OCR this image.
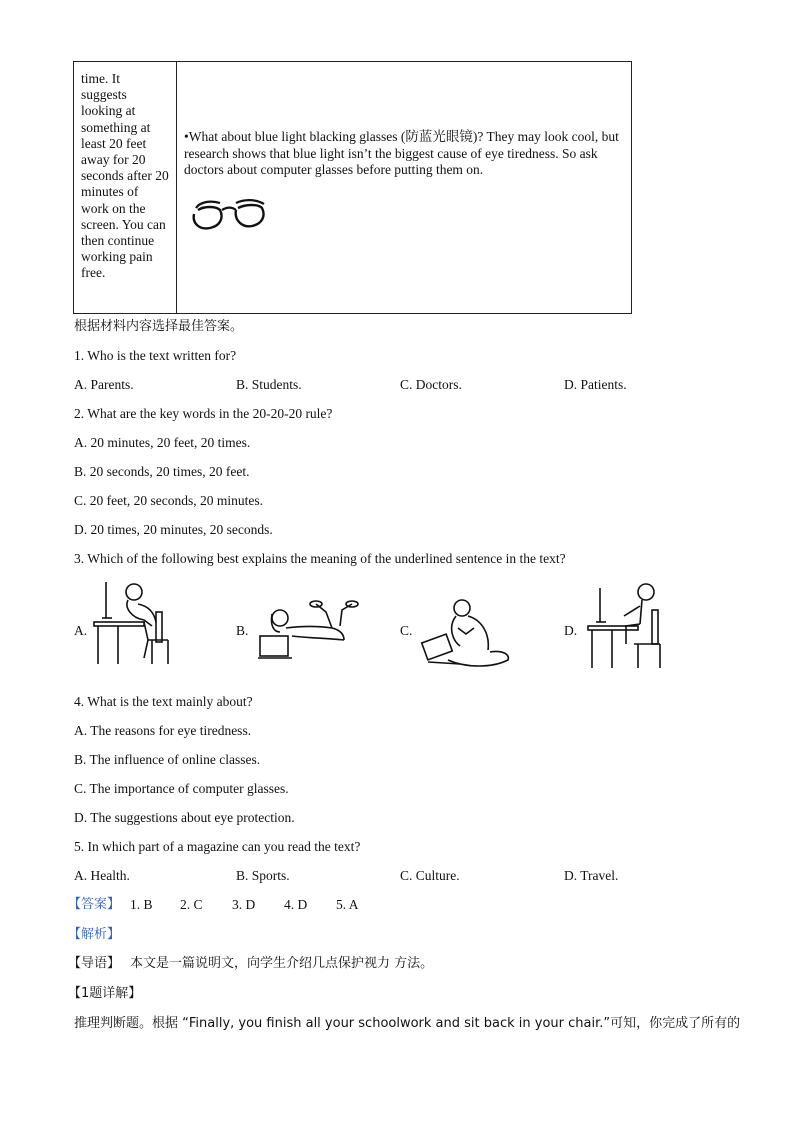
time. It suggests looking at something at least 20 feet away for 20 seconds after 20 minutes of work on the screen. You can then continue working pain free.
•What about blue light blacking glasses (防蓝光眼镜)? They may look cool, but research shows that blue light isn’t the biggest cause of eye tiredness. So ask doctors about computer glasses before putting them on.
根据材料内容选择最佳答案。
1. Who is the text written for?
A. Parents.	B. Students.	C. Doctors.	D. Patients.
2. What are the key words in the 20-20-20 rule?
A. 20 minutes, 20 feet, 20 times.
B. 20 seconds, 20 times, 20 feet.
C. 20 feet, 20 seconds, 20 minutes.
D. 20 times, 20 minutes, 20 seconds.
3. Which of the following best explains the meaning of the underlined sentence in the text?
A.	B.	C.	D.
4. What is the text mainly about?
A. The reasons for eye tiredness.
B. The influence of online classes.
C. The importance of computer glasses.
D. The suggestions about eye protection.
5. In which part of a magazine can you read the text?
A. Health.	B. Sports.	C. Culture.	D. Travel.
【答案】 1. B 2. C 3. D 4. D 5. A
【解析】
【导语】 本文是一篇说明文，向学生介绍几点保护视力 方法。
【1题详解】
推理判断题。根据 “Finally, you finish all your schoolwork and sit back in your chair.”可知，你完成了所有的
